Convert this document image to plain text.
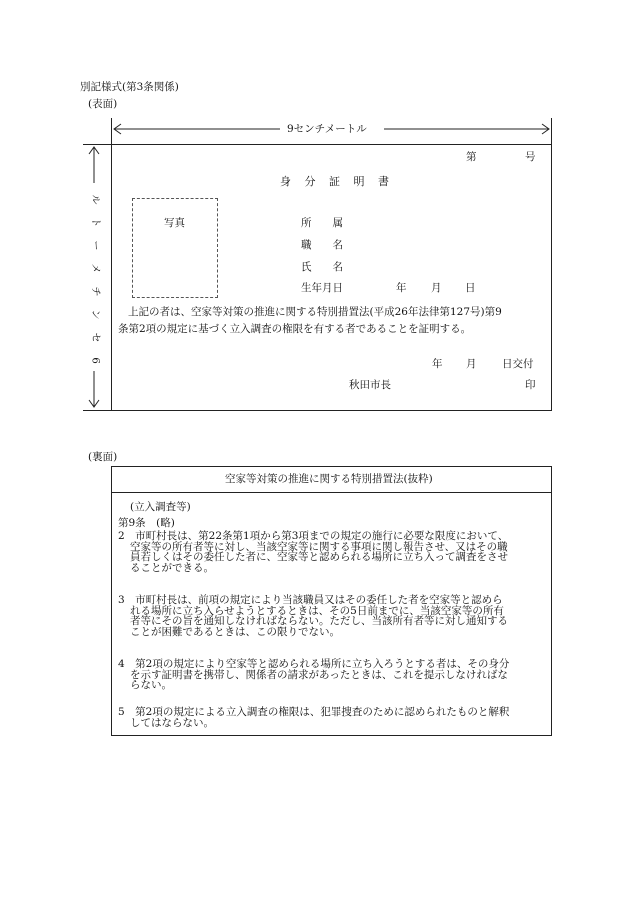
別記様式(第3条関係)
(表面)
9センチメートル
ル
ト
ー
メ
チ
ン
セ
6
第	号
身 分 証 明 書
写真	所　　属
職　　名
氏　　名
生年月日	年 月 日
上記の者は、空家等対策の推進に関する特別措置法(平成26年法律第127号)第9
条第2項の規定に基づく立入調査の権限を有する者であることを証明する。
年 月 日交付
秋田市長	印
(裏面)
空家等対策の推進に関する特別措置法(抜粋)
(立入調査等)
第9条　(略)
2　市町村長は、第22条第1項から第3項までの規定の施行に必要な限度において、
空家等の所有者等に対し、当該空家等に関する事項に関し報告させ、又はその職
員若しくはその委任した者に、空家等と認められる場所に立ち入って調査をさせ
ることができる。
3　市町村長は、前項の規定により当該職員又はその委任した者を空家等と認めら
れる場所に立ち入らせようとするときは、その5日前までに、当該空家等の所有
者等にその旨を通知しなければならない。ただし、当該所有者等に対し通知する
ことが困難であるときは、この限りでない。
4　第2項の規定により空家等と認められる場所に立ち入ろうとする者は、その身分
を示す証明書を携帯し、関係者の請求があったときは、これを提示しなければな
らない。
5　第2項の規定による立入調査の権限は、犯罪捜査のために認められたものと解釈
してはならない。
